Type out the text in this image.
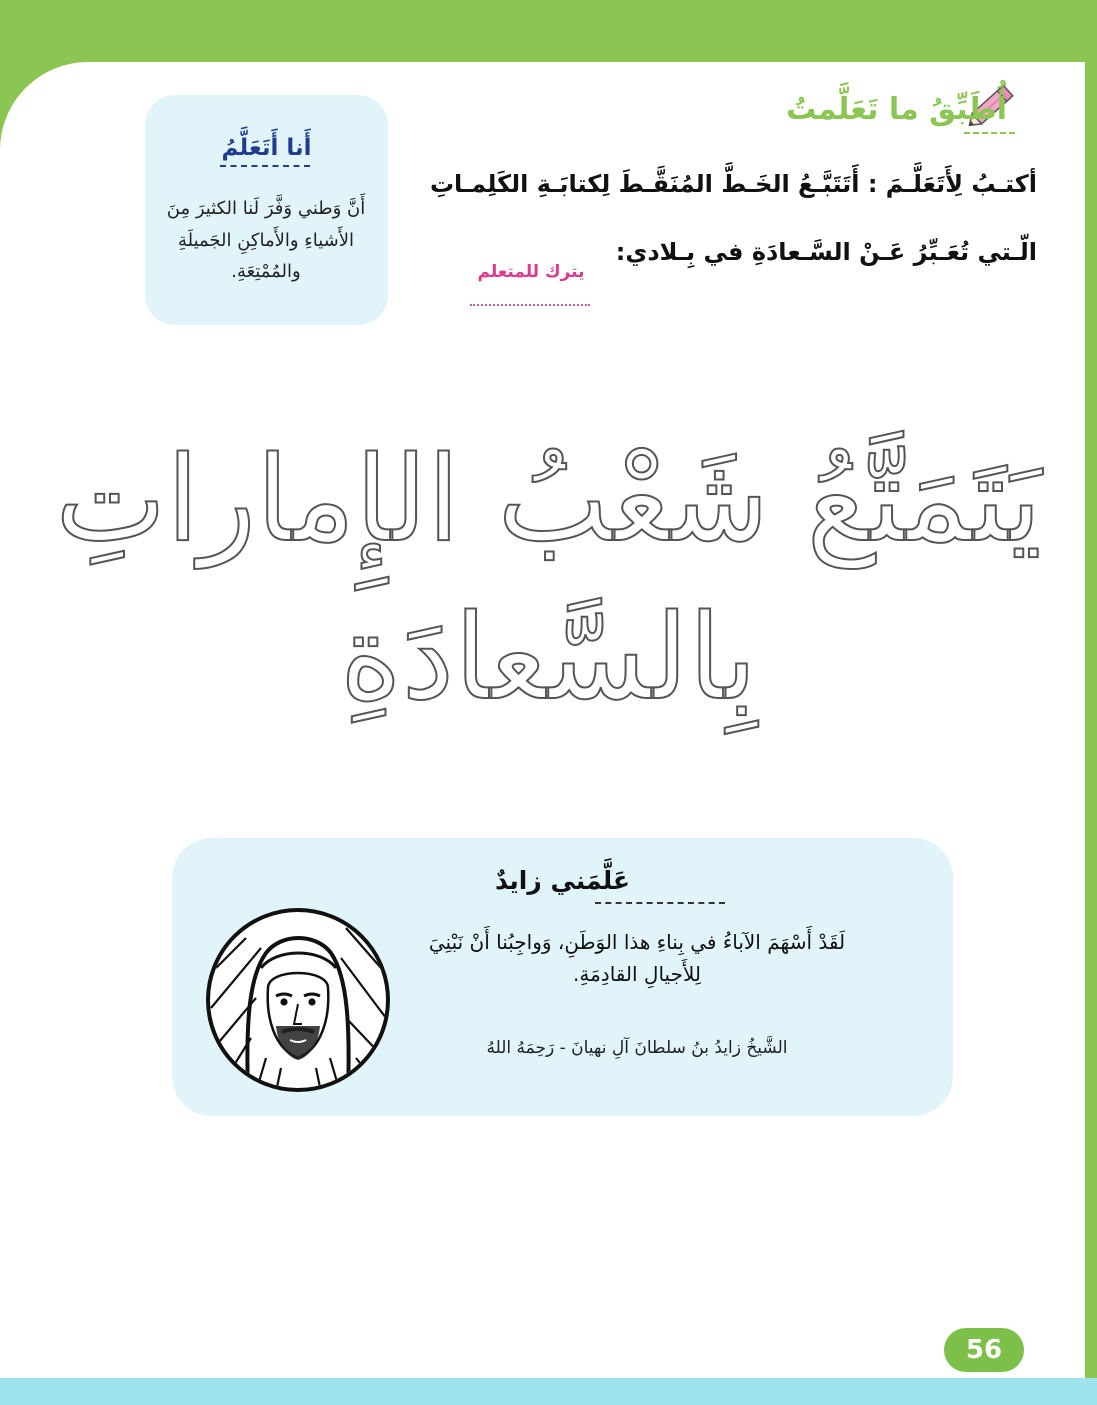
أَنا أَتَعَلَّمُ
أَنَّ وَطني وَفَّرَ لَنا الكثيرَ مِنَ الأَشياءِ والأَماكِنِ الجَميلَةِ والمُمْتِعَةِ.
أُطَبِّقُ ما تَعَلَّمتُ
أكتـبُ لِأَتَعَلَّـمَ : أَتَتَبَّـعُ الخَـطَّ المُنَقَّـطَ لِكتابَـةِ الكَلِمـاتِ
الّـتي تُعَـبِّرُ عَـنْ السَّـعادَةِ في بِـلادي:
يترك للمتعلم
يَتَمَتَّعُ شَعْبُ الإِماراتِ
بِالسَّعادَةِ
عَلَّمَني زايدٌ
لَقَدْ أَسْهَمَ الآباءُ في بِناءِ هذا الوَطَنِ، وَواجِبُنا أَنْ نَبْنِيَ لِلأَجيالِ القادِمَةِ.
الشَّيخُ زايدُ بنُ سلطانَ آلِ نهيانَ - رَحِمَهُ اللهُ
56
